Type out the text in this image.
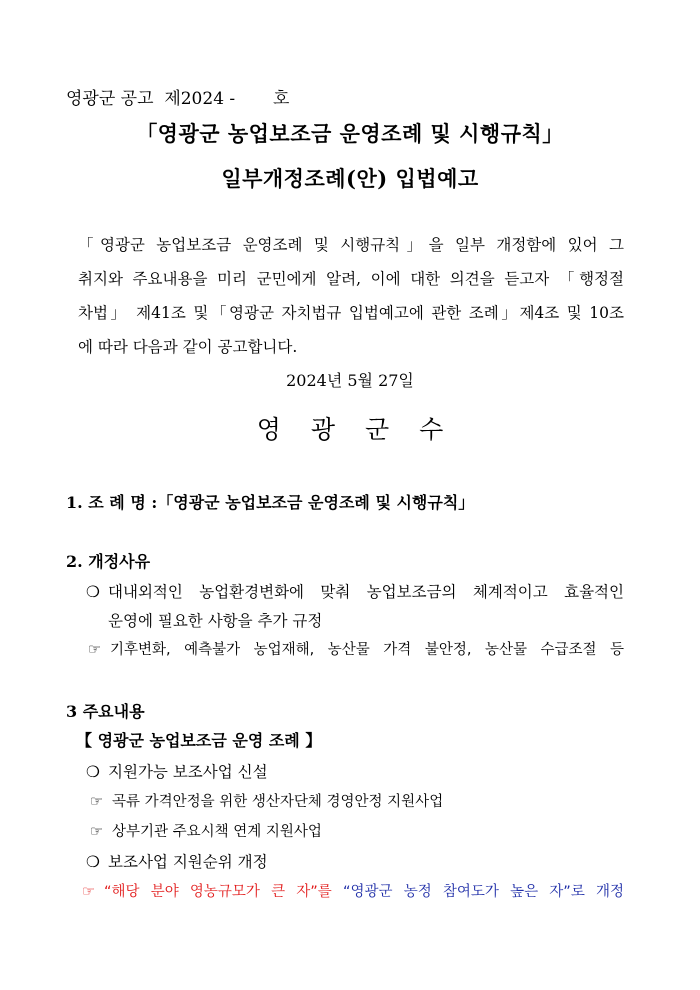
영광군 공고  제2024 -       호
「영광군 농업보조금 운영조례 및 시행규칙」
일부개정조례(안) 입법예고
「영광군 농업보조금 운영조례 및 시행규칙」을 일부 개정함에 있어 그
취지와 주요내용을 미리 군민에게 알려, 이에 대한 의견을 듣고자 「행정절
차법」 제41조 및「영광군 자치법규 입법예고에 관한 조례」제4조 및 10조
에 따라 다음과 같이 공고합니다.
2024년 5월 27일
영광군수
1. 조 례 명 :「영광군 농업보조금 운영조례 및 시행규칙」
2. 개정사유
❍ 대내외적인 농업환경변화에 맞춰 농업보조금의 체계적이고 효율적인
운영에 필요한 사항을 추가 규정
☞ 기후변화, 예측불가 농업재해, 농산물 가격 불안정, 농산물 수급조절 등
3 주요내용
【 영광군 농업보조금 운영 조례 】
❍ 지원가능 보조사업 신설
☞ 곡류 가격안정을 위한 생산자단체 경영안정 지원사업
☞ 상부기관 주요시책 연계 지원사업
❍ 보조사업 지원순위 개정
☞ “해당 분야 영농규모가 큰 자”를 “영광군 농정 참여도가 높은 자”로 개정
